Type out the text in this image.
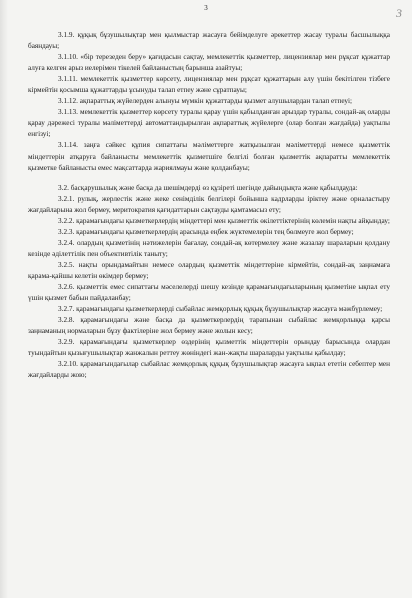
3	3

3.1.9. құқық бұзушылықтар мен қылмыстар жасауға бейімделуге әрекеттер жасау туралы басшылыққа баяндауы;

3.1.10. «бір терезеден беру» қағидасын сақтау, мемлекеттік қызметтер, лицензиялар мен рұқсат құжаттар алуға келген арыз иелерімен тікелей байланыстың барынша азайтуы;

3.1.11. мемлекеттік қызметтер көрсету, лицензиялар мен рұқсат құжаттарын алу үшін бекітілген тізбеге кірмейтін қосымша құжаттарды ұсынуды талап етпеу және сұратпауы;

3.1.12. ақпараттық жүйелерден алынуы мүмкін құжаттарды қызмет алушылардан талап етпеуі;

3.1.13. мемлекеттік қызметтер көрсету туралы қарау үшін қабылданған арыздар туралы, сондай-ақ оларды қарау дәрежесі туралы мәліметтерді автоматтандырылған ақпараттық жүйелерге (олар болған жағдайда) уақтылы енгізуі;

3.1.14. заңға сәйкес құпия сипаттағы мәліметтерге жатқызылған мәліметтерді немесе қызметтік міндеттерін атқаруға байланысты мемлекеттік қызметшіге белгілі болған қызметтік ақпаратты мемлекеттік қызметке байланысты емес мақсаттарда жариялмауы және қолданбауы;

3.2. басқарушылық және басқа да шешімдерді өз құзіреті шегінде дайындықта және қабылдауда:

3.2.1. рулық, жерлестік және жеке сенімділік белгілері бойынша кадрларды іріктеу және орналастыру жағдайларына жол бермеу, меритократия қағидаттарын сақтауды қамтамасыз ету;

3.2.2. қарамағындағы қызметкерлердің міндеттері мен қызметтік өкілеттіктерінің көлемін нақты айқындау;

3.2.3. қарамағындағы қызметкерлердің арасында еңбек жүктемелерін тең бөлмеуге жол бермеу;

3.2.4. олардың қызметінің нәтижелерін бағалау, сондай-ақ көтермелеу және жазалау шараларын қолдану кезінде әділеттілік пен объективтілік таныту;

3.2.5. нақты орындамайтын немесе олардың қызметтік міндеттеріне кірмейтін, сондай-ақ заңнамаға қарама-қайшы келетін өкімдер бермеу;

3.2.6. қызметтік емес сипаттағы мәселелерді шешу кезінде қарамағындағыларының қызметіне ықпал ету үшін қызмет бабын пайдаланбау;

3.2.7. қарамағындағы қызметкерлерді сыбайлас жемқорлық құқық бұзушылықтар жасауға мәжбүрлемеу;

3.2.8. қарамағындағы және басқа да қызметкерлердің тарапынан сыбайлас жемқорлыққа қарсы заңнаманың нормаларын бұзу фактілеріне жол бермеу және жолын кесу;

3.2.9. қарамағындағы қызметкерлер өздерінің қызметтік міндеттерін орындау барысында олардан туындайтын қызығушылықтар жанжалын реттеу жөніндегі жан-жақты шараларды уақтылы қабылдау;

3.2.10. қарамағындағылар сыбайлас жемқорлық құқық бұзушылықтар жасауға ықпал ететін себептер мен жағдайларды жою;
